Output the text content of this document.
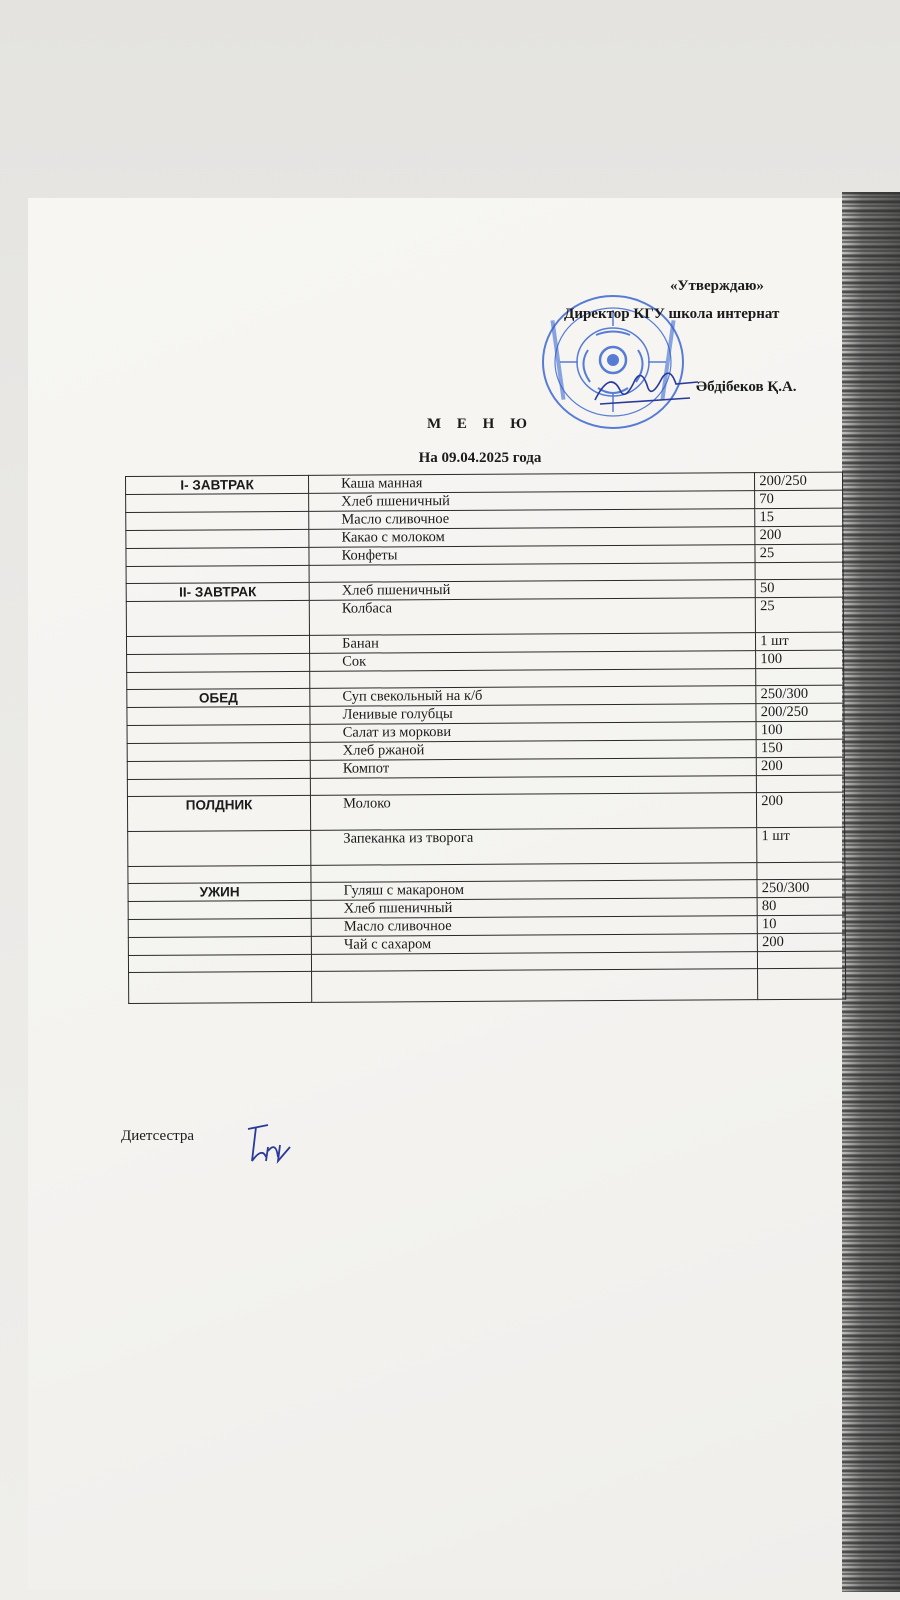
«Утверждаю»
Директор КГУ школа интернат
Әбдібеков Қ.А.
М Е Н Ю
На 09.04.2025 года
I- ЗАВТРАК	Каша манная	200/250
	Хлеб пшеничный	70
	Масло сливочное	15
	Какао с молоком	200
	Конфеты	25

II- ЗАВТРАК	Хлеб пшеничный	50
	Колбаса	25
	Банан	1 шт
	Сок	100

ОБЕД	Суп свекольный на к/б	250/300
	Ленивые голубцы	200/250
	Салат из моркови	100
	Хлеб ржаной	150
	Компот	200

ПОЛДНИК	Молоко	200
	Запеканка из творога	1 шт

УЖИН	Гуляш с макароном	250/300
	Хлеб пшеничный	80
	Масло сливочное	10
	Чай с сахаром	200

Диетсестра
